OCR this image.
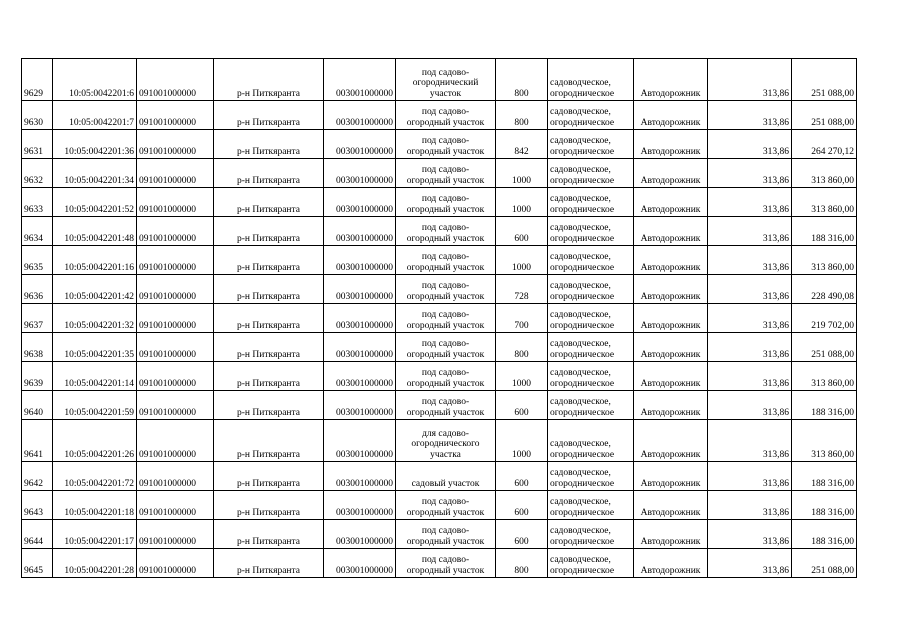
9629	10:05:0042201:6	091001000000	р-н Питкяранта	003001000000	под садово-
огороднический
участок	800	садоводческое,
огородническое	Автодорожник	313,86	251 088,00
9630	10:05:0042201:7	091001000000	р-н Питкяранта	003001000000	под садово-
огородный участок	800	садоводческое,
огородническое	Автодорожник	313,86	251 088,00
9631	10:05:0042201:36	091001000000	р-н Питкяранта	003001000000	под садово-
огородный участок	842	садоводческое,
огородническое	Автодорожник	313,86	264 270,12
9632	10:05:0042201:34	091001000000	р-н Питкяранта	003001000000	под садово-
огородный участок	1000	садоводческое,
огородническое	Автодорожник	313,86	313 860,00
9633	10:05:0042201:52	091001000000	р-н Питкяранта	003001000000	под садово-
огородный участок	1000	садоводческое,
огородническое	Автодорожник	313,86	313 860,00
9634	10:05:0042201:48	091001000000	р-н Питкяранта	003001000000	под садово-
огородный участок	600	садоводческое,
огородническое	Автодорожник	313,86	188 316,00
9635	10:05:0042201:16	091001000000	р-н Питкяранта	003001000000	под садово-
огородный участок	1000	садоводческое,
огородническое	Автодорожник	313,86	313 860,00
9636	10:05:0042201:42	091001000000	р-н Питкяранта	003001000000	под садово-
огородный участок	728	садоводческое,
огородническое	Автодорожник	313,86	228 490,08
9637	10:05:0042201:32	091001000000	р-н Питкяранта	003001000000	под садово-
огородный участок	700	садоводческое,
огородническое	Автодорожник	313,86	219 702,00
9638	10:05:0042201:35	091001000000	р-н Питкяранта	003001000000	под садово-
огородный участок	800	садоводческое,
огородническое	Автодорожник	313,86	251 088,00
9639	10:05:0042201:14	091001000000	р-н Питкяранта	003001000000	под садово-
огородный участок	1000	садоводческое,
огородническое	Автодорожник	313,86	313 860,00
9640	10:05:0042201:59	091001000000	р-н Питкяранта	003001000000	под садово-
огородный участок	600	садоводческое,
огородническое	Автодорожник	313,86	188 316,00
9641	10:05:0042201:26	091001000000	р-н Питкяранта	003001000000	для садово-
огороднического
участка	1000	садоводческое,
огородническое	Автодорожник	313,86	313 860,00
9642	10:05:0042201:72	091001000000	р-н Питкяранта	003001000000	садовый участок	600	садоводческое,
огородническое	Автодорожник	313,86	188 316,00
9643	10:05:0042201:18	091001000000	р-н Питкяранта	003001000000	под садово-
огородный участок	600	садоводческое,
огородническое	Автодорожник	313,86	188 316,00
9644	10:05:0042201:17	091001000000	р-н Питкяранта	003001000000	под садово-
огородный участок	600	садоводческое,
огородническое	Автодорожник	313,86	188 316,00
9645	10:05:0042201:28	091001000000	р-н Питкяранта	003001000000	под садово-
огородный участок	800	садоводческое,
огородническое	Автодорожник	313,86	251 088,00
